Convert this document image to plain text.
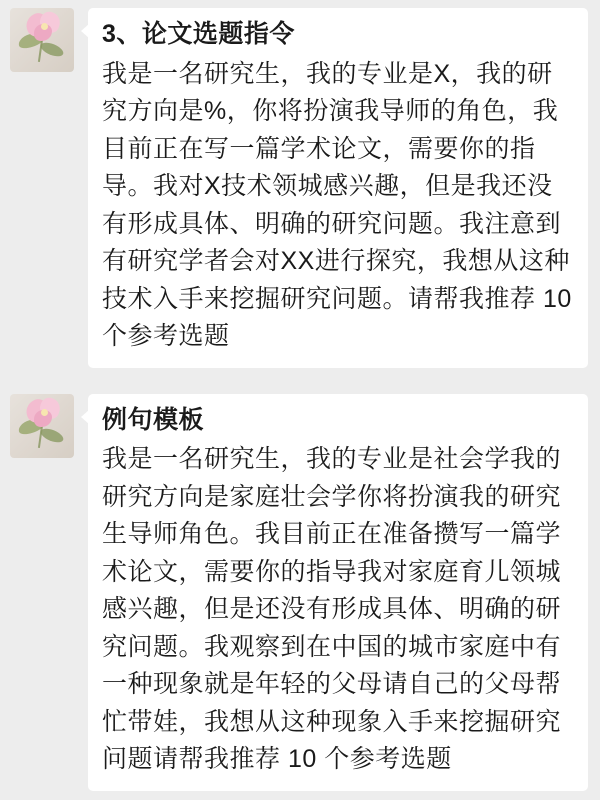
3、论文选题指令

我是一名研究生，我的专业是X，我的研究方向是%，你将扮演我导师的角色，我目前正在写一篇学术论文，需要你的指导。我对X技术领城感兴趣，但是我还没有形成具体、明确的研究问题。我注意到有研究学者会对XX进行探究，我想从这种技术入手来挖掘研究问题。请帮我推荐 10 个参考选题

例句模板

我是一名研究生，我的专业是社会学我的研究方向是家庭壮会学你将扮演我的研究生导师角色。我目前正在准备攒写一篇学术论文，需要你的指导我对家庭育儿领城感兴趣，但是还没有形成具体、明确的研究问题。我观察到在中国的城市家庭中有一种现象就是年轻的父母请自己的父母帮忙带娃，我想从这种现象入手来挖掘研究问题请帮我推荐 10 个参考选题
